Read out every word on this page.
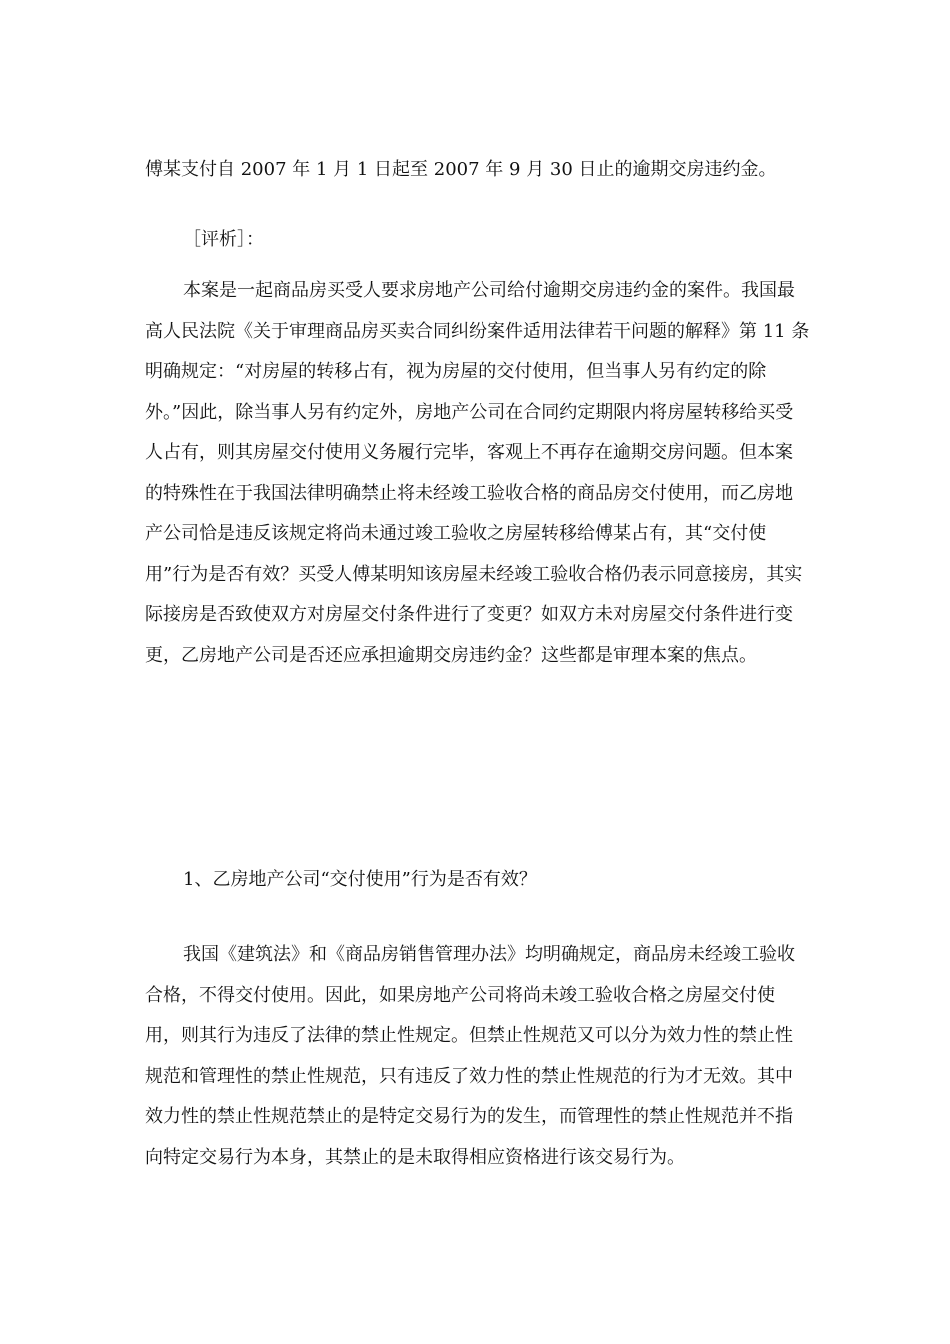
傅某支付自 2007 年 1 月 1 日起至 2007 年 9 月 30 日止的逾期交房违约金。

［评析］：

本案是一起商品房买受人要求房地产公司给付逾期交房违约金的案件。我国最高人民法院《关于审理商品房买卖合同纠纷案件适用法律若干问题的解释》第 11 条明确规定：“对房屋的转移占有，视为房屋的交付使用，但当事人另有约定的除外。”因此，除当事人另有约定外，房地产公司在合同约定期限内将房屋转移给买受人占有，则其房屋交付使用义务履行完毕，客观上不再存在逾期交房问题。但本案的特殊性在于我国法律明确禁止将未经竣工验收合格的商品房交付使用，而乙房地产公司恰是违反该规定将尚未通过竣工验收之房屋转移给傅某占有，其“交付使用”行为是否有效？买受人傅某明知该房屋未经竣工验收合格仍表示同意接房，其实际接房是否致使双方对房屋交付条件进行了变更？如双方未对房屋交付条件进行变更，乙房地产公司是否还应承担逾期交房违约金？这些都是审理本案的焦点。

1、乙房地产公司“交付使用”行为是否有效？

我国《建筑法》和《商品房销售管理办法》均明确规定，商品房未经竣工验收合格，不得交付使用。因此，如果房地产公司将尚未竣工验收合格之房屋交付使用，则其行为违反了法律的禁止性规定。但禁止性规范又可以分为效力性的禁止性规范和管理性的禁止性规范，只有违反了效力性的禁止性规范的行为才无效。其中效力性的禁止性规范禁止的是特定交易行为的发生，而管理性的禁止性规范并不指向特定交易行为本身，其禁止的是未取得相应资格进行该交易行为。
